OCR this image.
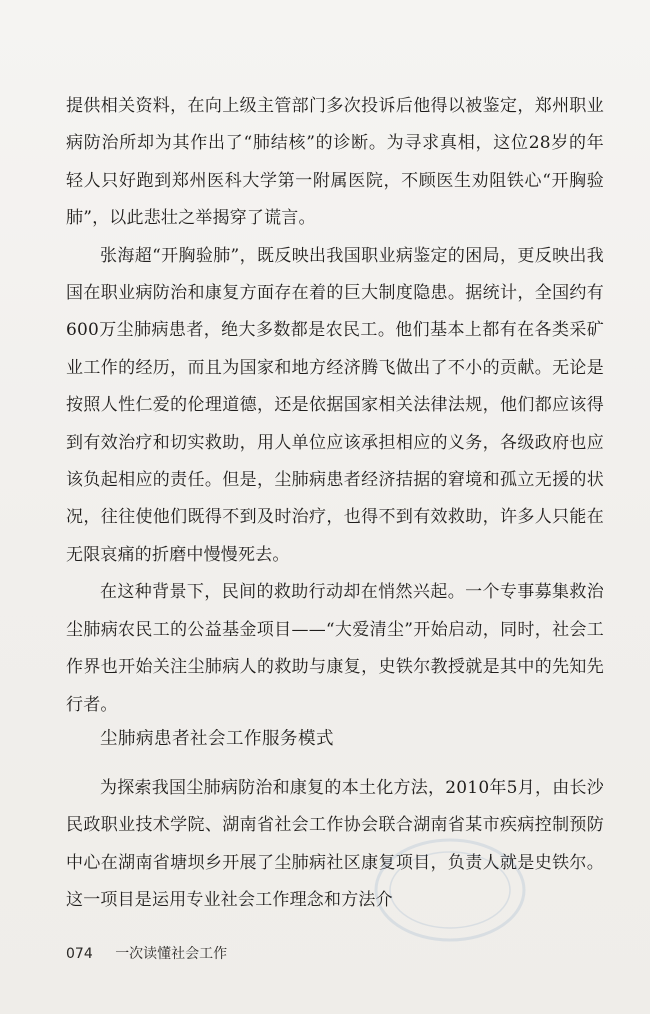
提供相关资料，在向上级主管部门多次投诉后他得以被鉴定，郑州职业病防治所却为其作出了“肺结核”的诊断。为寻求真相，这位28岁的年轻人只好跑到郑州医科大学第一附属医院，不顾医生劝阻铁心“开胸验肺”，以此悲壮之举揭穿了谎言。

张海超“开胸验肺”，既反映出我国职业病鉴定的困局，更反映出我国在职业病防治和康复方面存在着的巨大制度隐患。据统计，全国约有600万尘肺病患者，绝大多数都是农民工。他们基本上都有在各类采矿业工作的经历，而且为国家和地方经济腾飞做出了不小的贡献。无论是按照人性仁爱的伦理道德，还是依据国家相关法律法规，他们都应该得到有效治疗和切实救助，用人单位应该承担相应的义务，各级政府也应该负起相应的责任。但是，尘肺病患者经济拮据的窘境和孤立无援的状况，往往使他们既得不到及时治疗，也得不到有效救助，许多人只能在无限哀痛的折磨中慢慢死去。

在这种背景下，民间的救助行动却在悄然兴起。一个专事募集救治尘肺病农民工的公益基金项目——“大爱清尘”开始启动，同时，社会工作界也开始关注尘肺病人的救助与康复，史铁尔教授就是其中的先知先行者。

尘肺病患者社会工作服务模式

为探索我国尘肺病防治和康复的本土化方法，2010年5月，由长沙民政职业技术学院、湖南省社会工作协会联合湖南省某市疾病控制预防中心在湖南省塘坝乡开展了尘肺病社区康复项目，负责人就是史铁尔。这一项目是运用专业社会工作理念和方法介

074 一次读懂社会工作
